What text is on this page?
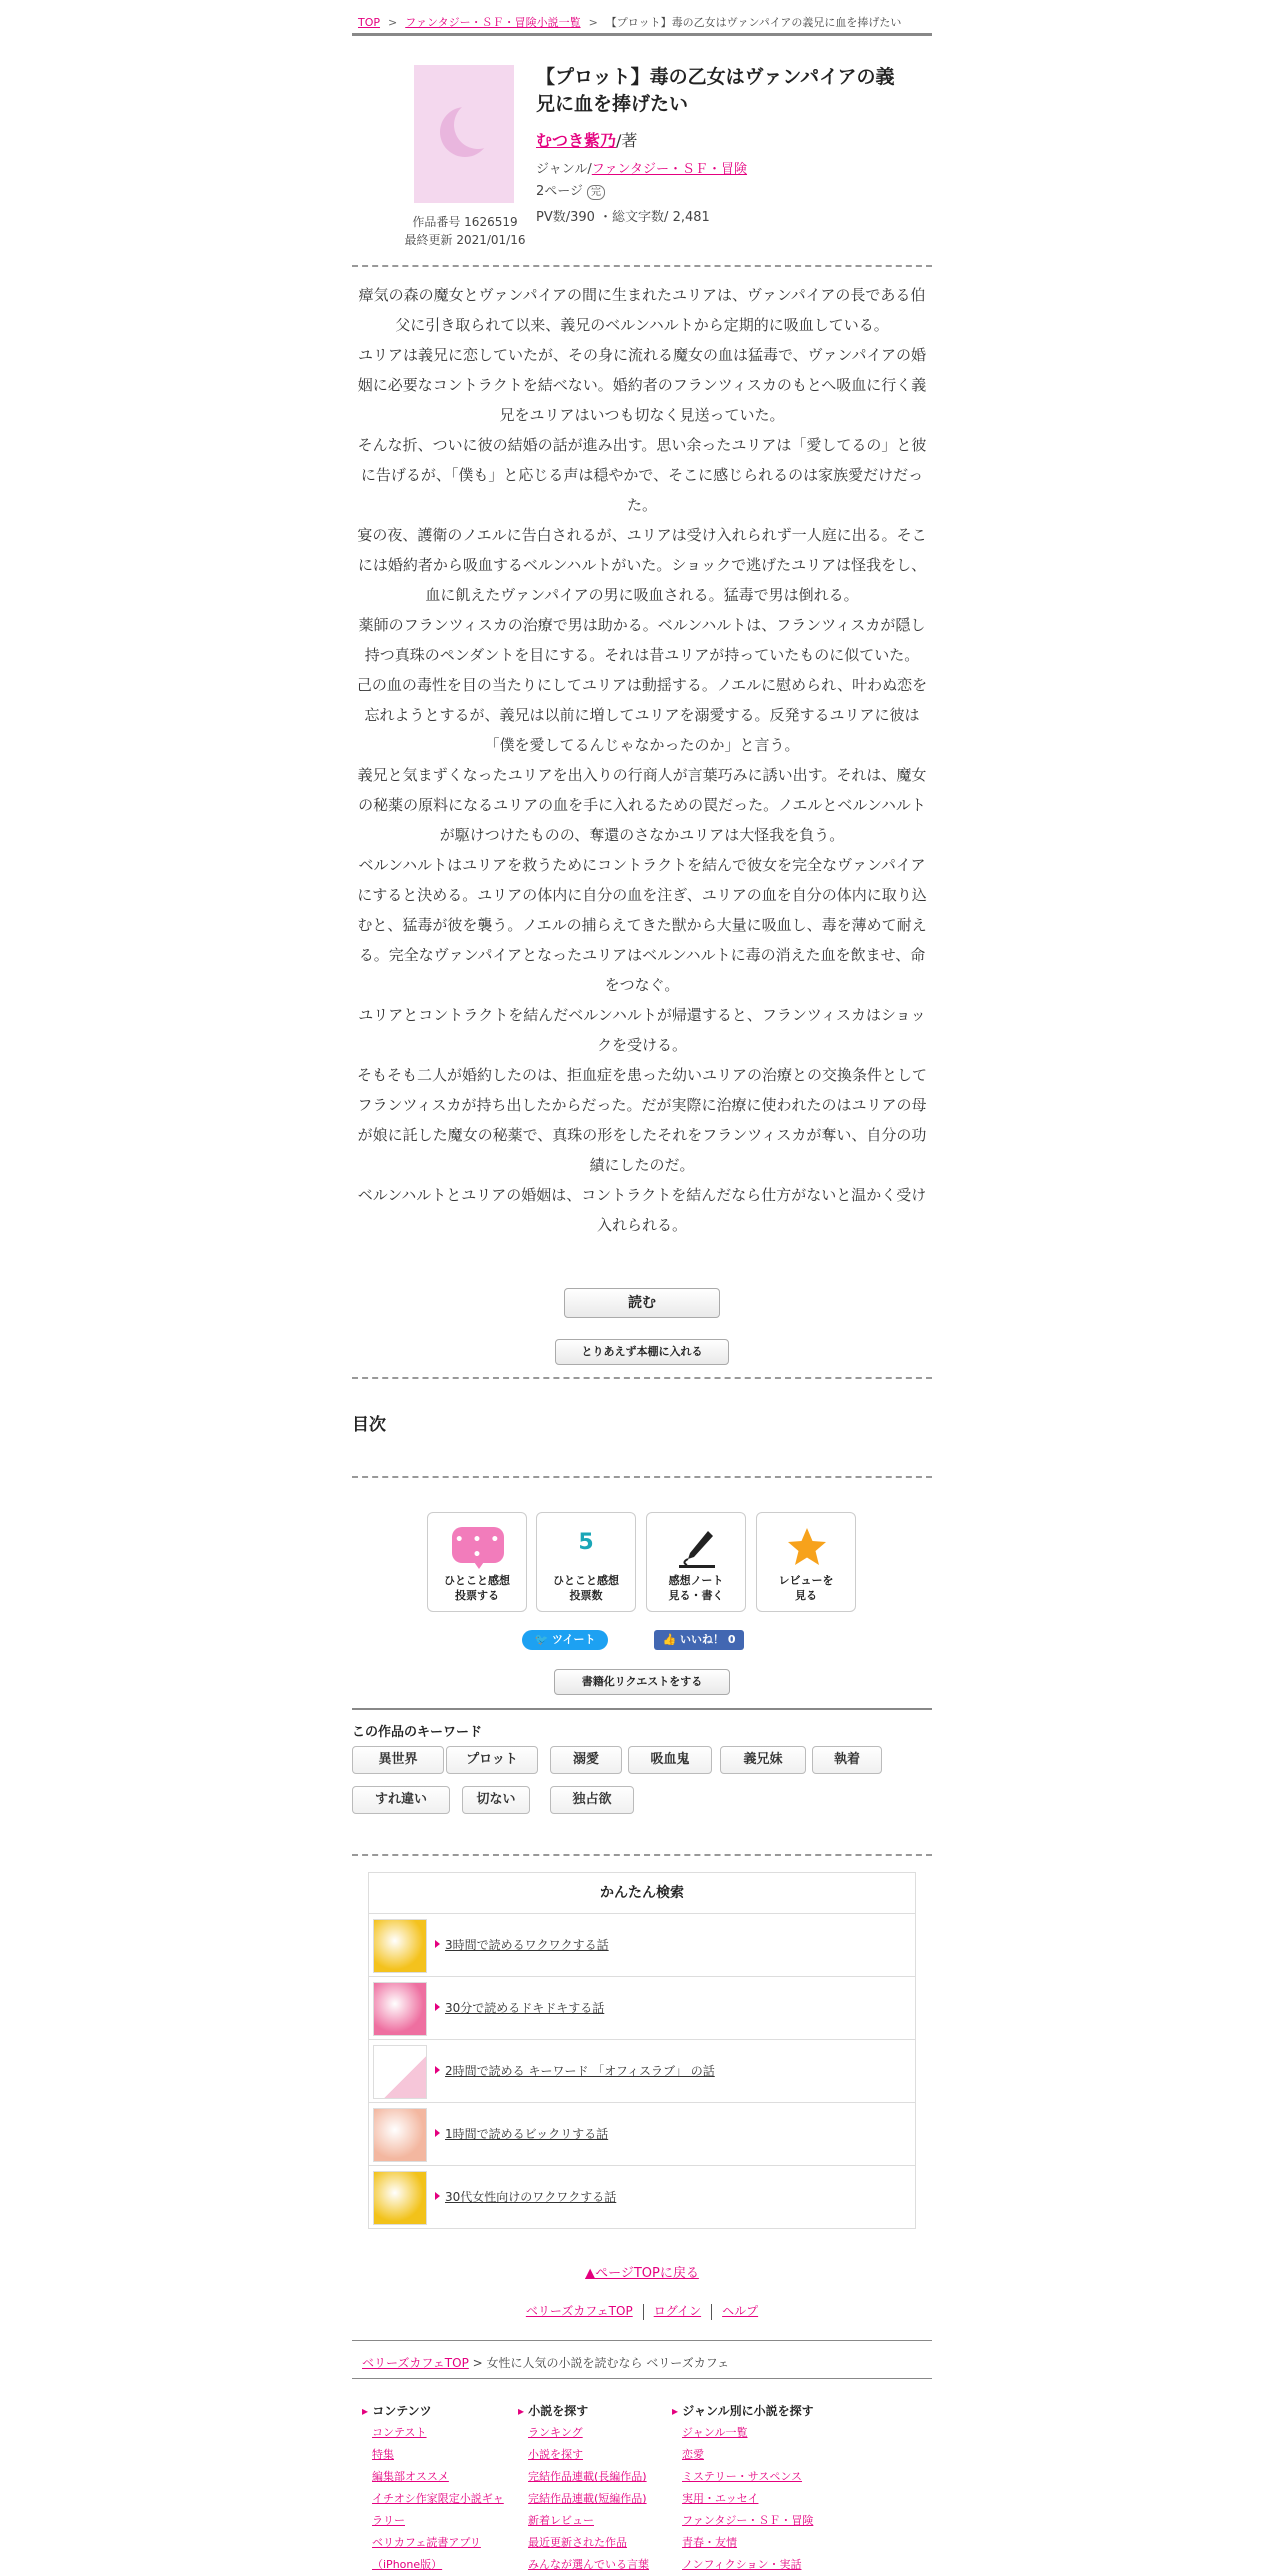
TOP > ファンタジー・ＳＦ・冒険小説一覧 > 【プロット】毒の乙女はヴァンパイアの義兄に血を捧げたい
作品番号 1626519
最終更新 2021/01/16
【プロット】毒の乙女はヴァンパイアの義兄に血を捧げたい
むつき紫乃/著
ジャンル/ファンタジー・ＳＦ・冒険
2ページ 完
PV数/390 ・総文字数/ 2,481

瘴気の森の魔女とヴァンパイアの間に生まれたユリアは、ヴァンパイアの長である伯父に引き取られて以来、義兄のベルンハルトから定期的に吸血している。

ユリアは義兄に恋していたが、その身に流れる魔女の血は猛毒で、ヴァンパイアの婚姻に必要なコントラクトを結べない。婚約者のフランツィスカのもとへ吸血に行く義兄をユリアはいつも切なく見送っていた。

そんな折、ついに彼の結婚の話が進み出す。思い余ったユリアは「愛してるの」と彼に告げるが、「僕も」と応じる声は穏やかで、そこに感じられるのは家族愛だけだった。

宴の夜、護衛のノエルに告白されるが、ユリアは受け入れられず一人庭に出る。そこには婚約者から吸血するベルンハルトがいた。ショックで逃げたユリアは怪我をし、血に飢えたヴァンパイアの男に吸血される。猛毒で男は倒れる。

薬師のフランツィスカの治療で男は助かる。ベルンハルトは、フランツィスカが隠し持つ真珠のペンダントを目にする。それは昔ユリアが持っていたものに似ていた。

己の血の毒性を目の当たりにしてユリアは動揺する。ノエルに慰められ、叶わぬ恋を忘れようとするが、義兄は以前に増してユリアを溺愛する。反発するユリアに彼は「僕を愛してるんじゃなかったのか」と言う。

義兄と気まずくなったユリアを出入りの行商人が言葉巧みに誘い出す。それは、魔女の秘薬の原料になるユリアの血を手に入れるための罠だった。ノエルとベルンハルトが駆けつけたものの、奪還のさなかユリアは大怪我を負う。

ベルンハルトはユリアを救うためにコントラクトを結んで彼女を完全なヴァンパイアにすると決める。ユリアの体内に自分の血を注ぎ、ユリアの血を自分の体内に取り込むと、猛毒が彼を襲う。ノエルの捕らえてきた獣から大量に吸血し、毒を薄めて耐える。完全なヴァンパイアとなったユリアはベルンハルトに毒の消えた血を飲ませ、命をつなぐ。

ユリアとコントラクトを結んだベルンハルトが帰還すると、フランツィスカはショックを受ける。

そもそも二人が婚約したのは、拒血症を患った幼いユリアの治療との交換条件としてフランツィスカが持ち出したからだった。だが実際に治療に使われたのはユリアの母が娘に託した魔女の秘薬で、真珠の形をしたそれをフランツィスカが奪い、自分の功績にしたのだ。

ベルンハルトとユリアの婚姻は、コントラクトを結んだなら仕方がないと温かく受け入れられる。

読む
とりあえず本棚に入れる
目次
• • • •
ひとこと感想
投票する
5
ひとこと感想
投票数
感想ノート
見る・書く
レビューを
見る
🐦 ツイート	👍 いいね！ 0
書籍化リクエストをする
この作品のキーワード
異世界	プロット	溺愛	吸血鬼	義兄妹	執着
すれ違い	切ない	独占欲
かんたん検索
3時間で読めるワクワクする話
30分で読めるドキドキする話
2時間で読める キーワード 「オフィスラブ」 の話
1時間で読めるビックリする話
30代女性向けのワクワクする話
▲ページTOPに戻る
ベリーズカフェTOP ログイン ヘルプ
ベリーズカフェTOP > 女性に人気の小説を読むなら ベリーズカフェ
▸ コンテンツ
コンテスト
特集
編集部オススメ
イチオシ作家限定小説ギャラリー
ベリカフェ読書アプリ（iPhone版）
▸ 小説を探す
ランキング
小説を探す
完結作品連載(長編作品)
完結作品連載(短編作品)
新着レビュー
最近更新された作品
みんなが選んでいる言葉
▸ ジャンル別に小説を探す
ジャンル一覧
恋愛
ミステリー・サスペンス
実用・エッセイ
ファンタジー・ＳＦ・冒険
青春・友情
ノンフィクション・実話
